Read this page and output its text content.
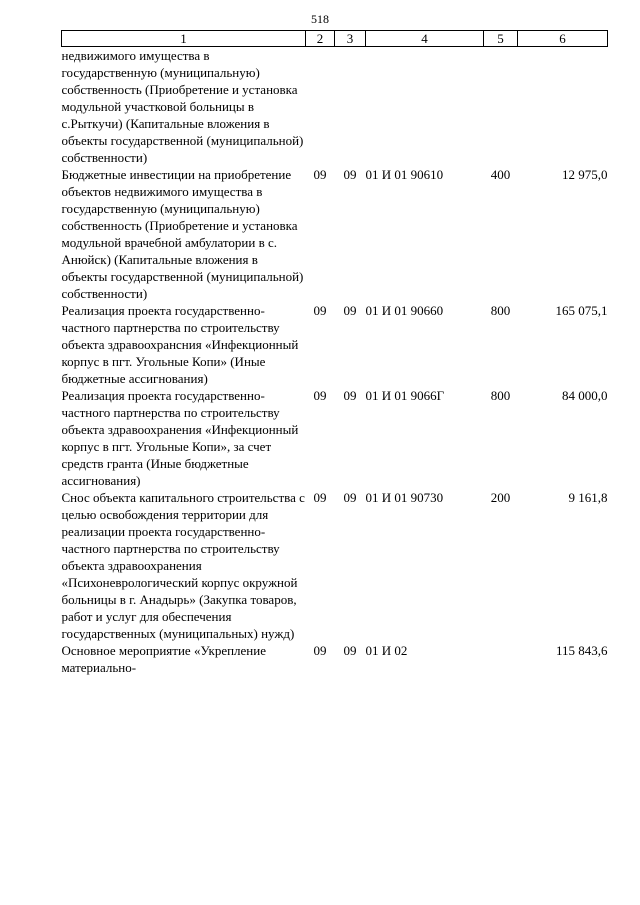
518
1	2	3	4	5	6
недвижимого имущества в государственную (муниципальную) собственность (Приобретение и установка модульной участковой больницы в с.Рыткучи) (Капитальные вложения в объекты государственной (муниципальной) собственности)					
Бюджетные инвестиции на приобретение объектов недвижимого имущества в государственную (муниципальную) собственность (Приобретение и установка модульной врачебной амбулатории в с. Анюйск) (Капитальные вложения в объекты государственной (муниципальной) собственности)	09	09	01 И 01 90610	400	12 975,0
Реализация проекта государственно-частного партнерства по строительству объекта здравоохрансния «Инфекционный корпус в пгт. Угольные Копи» (Иные бюджетные ассигнования)	09	09	01 И 01 90660	800	165 075,1
Реализация проекта государственно-частного партнерства по строительству объекта здравоохранения «Инфекционный корпус в пгт. Угольные Копи», за счет средств гранта (Иные бюджетные ассигнования)	09	09	01 И 01 9066Г	800	84 000,0
Снос объекта капитального строительства с целью освобождения территории для реализации проекта государственно-частного партнерства по строительству объекта здравоохранения «Психоневрологический корпус окружной больницы в г. Анадырь» (Закупка товаров, работ и услуг для обеспечения государственных (муниципальных) нужд)	09	09	01 И 01 90730	200	9 161,8
Основное мероприятие «Укрепление материально-	09	09	01 И 02		115 843,6
